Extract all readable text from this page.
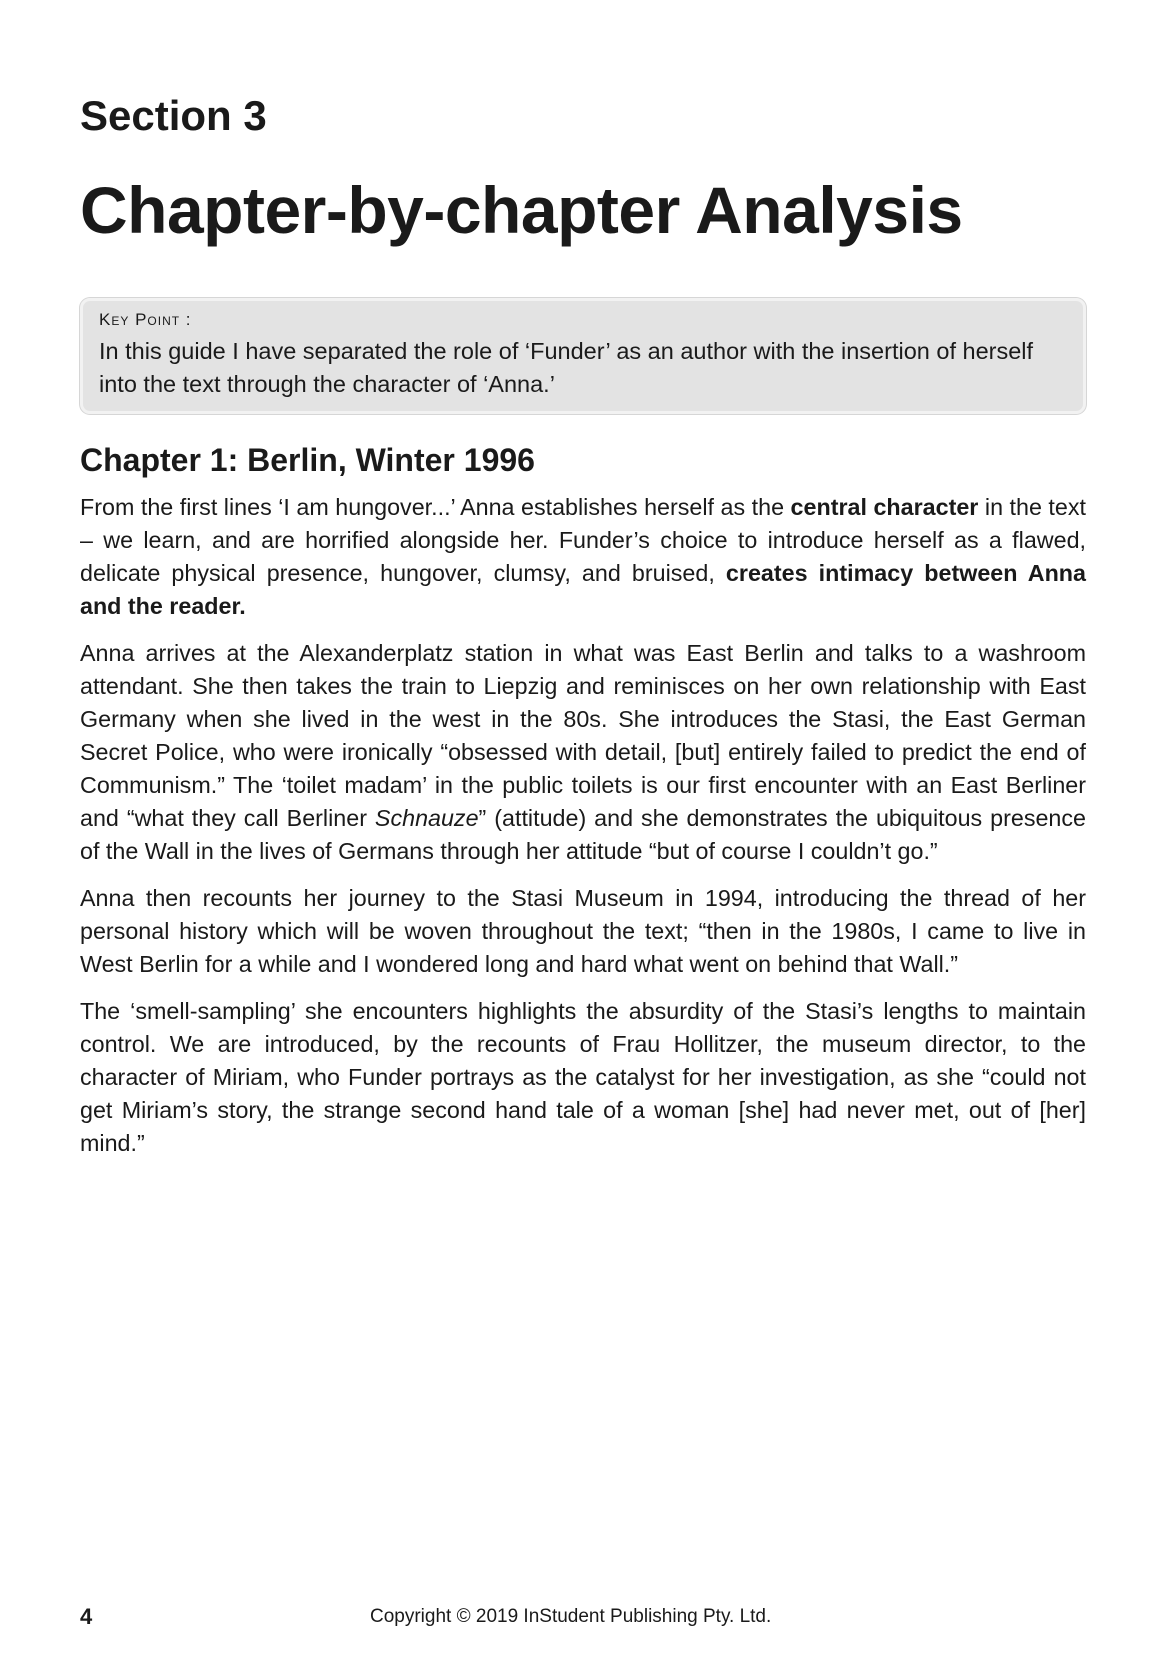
Section 3
Chapter-by-chapter Analysis
Key Point :

In this guide I have separated the role of ‘Funder’ as an author with the insertion of herself into the text through the character of ‘Anna.’

Chapter 1: Berlin, Winter 1996

From the first lines ‘I am hungover...’ Anna establishes herself as the central character in the text – we learn, and are horrified alongside her. Funder’s choice to introduce herself as a flawed, delicate physical presence, hungover, clumsy, and bruised, creates intimacy between Anna and the reader.

Anna arrives at the Alexanderplatz station in what was East Berlin and talks to a washroom attendant. She then takes the train to Liepzig and reminisces on her own relationship with East Germany when she lived in the west in the 80s. She introduces the Stasi, the East German Secret Police, who were ironically “obsessed with detail, [but] entirely failed to predict the end of Communism.” The ‘toilet madam’ in the public toilets is our first encounter with an East Berliner and “what they call Berliner Schnauze” (attitude) and she demonstrates the ubiquitous presence of the Wall in the lives of Germans through her attitude “but of course I couldn’t go.”

Anna then recounts her journey to the Stasi Museum in 1994, introducing the thread of her personal history which will be woven throughout the text; “then in the 1980s, I came to live in West Berlin for a while and I wondered long and hard what went on behind that Wall.”

The ‘smell-sampling’ she encounters highlights the absurdity of the Stasi’s lengths to maintain control. We are introduced, by the recounts of Frau Hollitzer, the museum director, to the character of Miriam, who Funder portrays as the catalyst for her investigation, as she “could not get Miriam’s story, the strange second hand tale of a woman [she] had never met, out of [her] mind.”

4	Copyright © 2019 InStudent Publishing Pty. Ltd.
